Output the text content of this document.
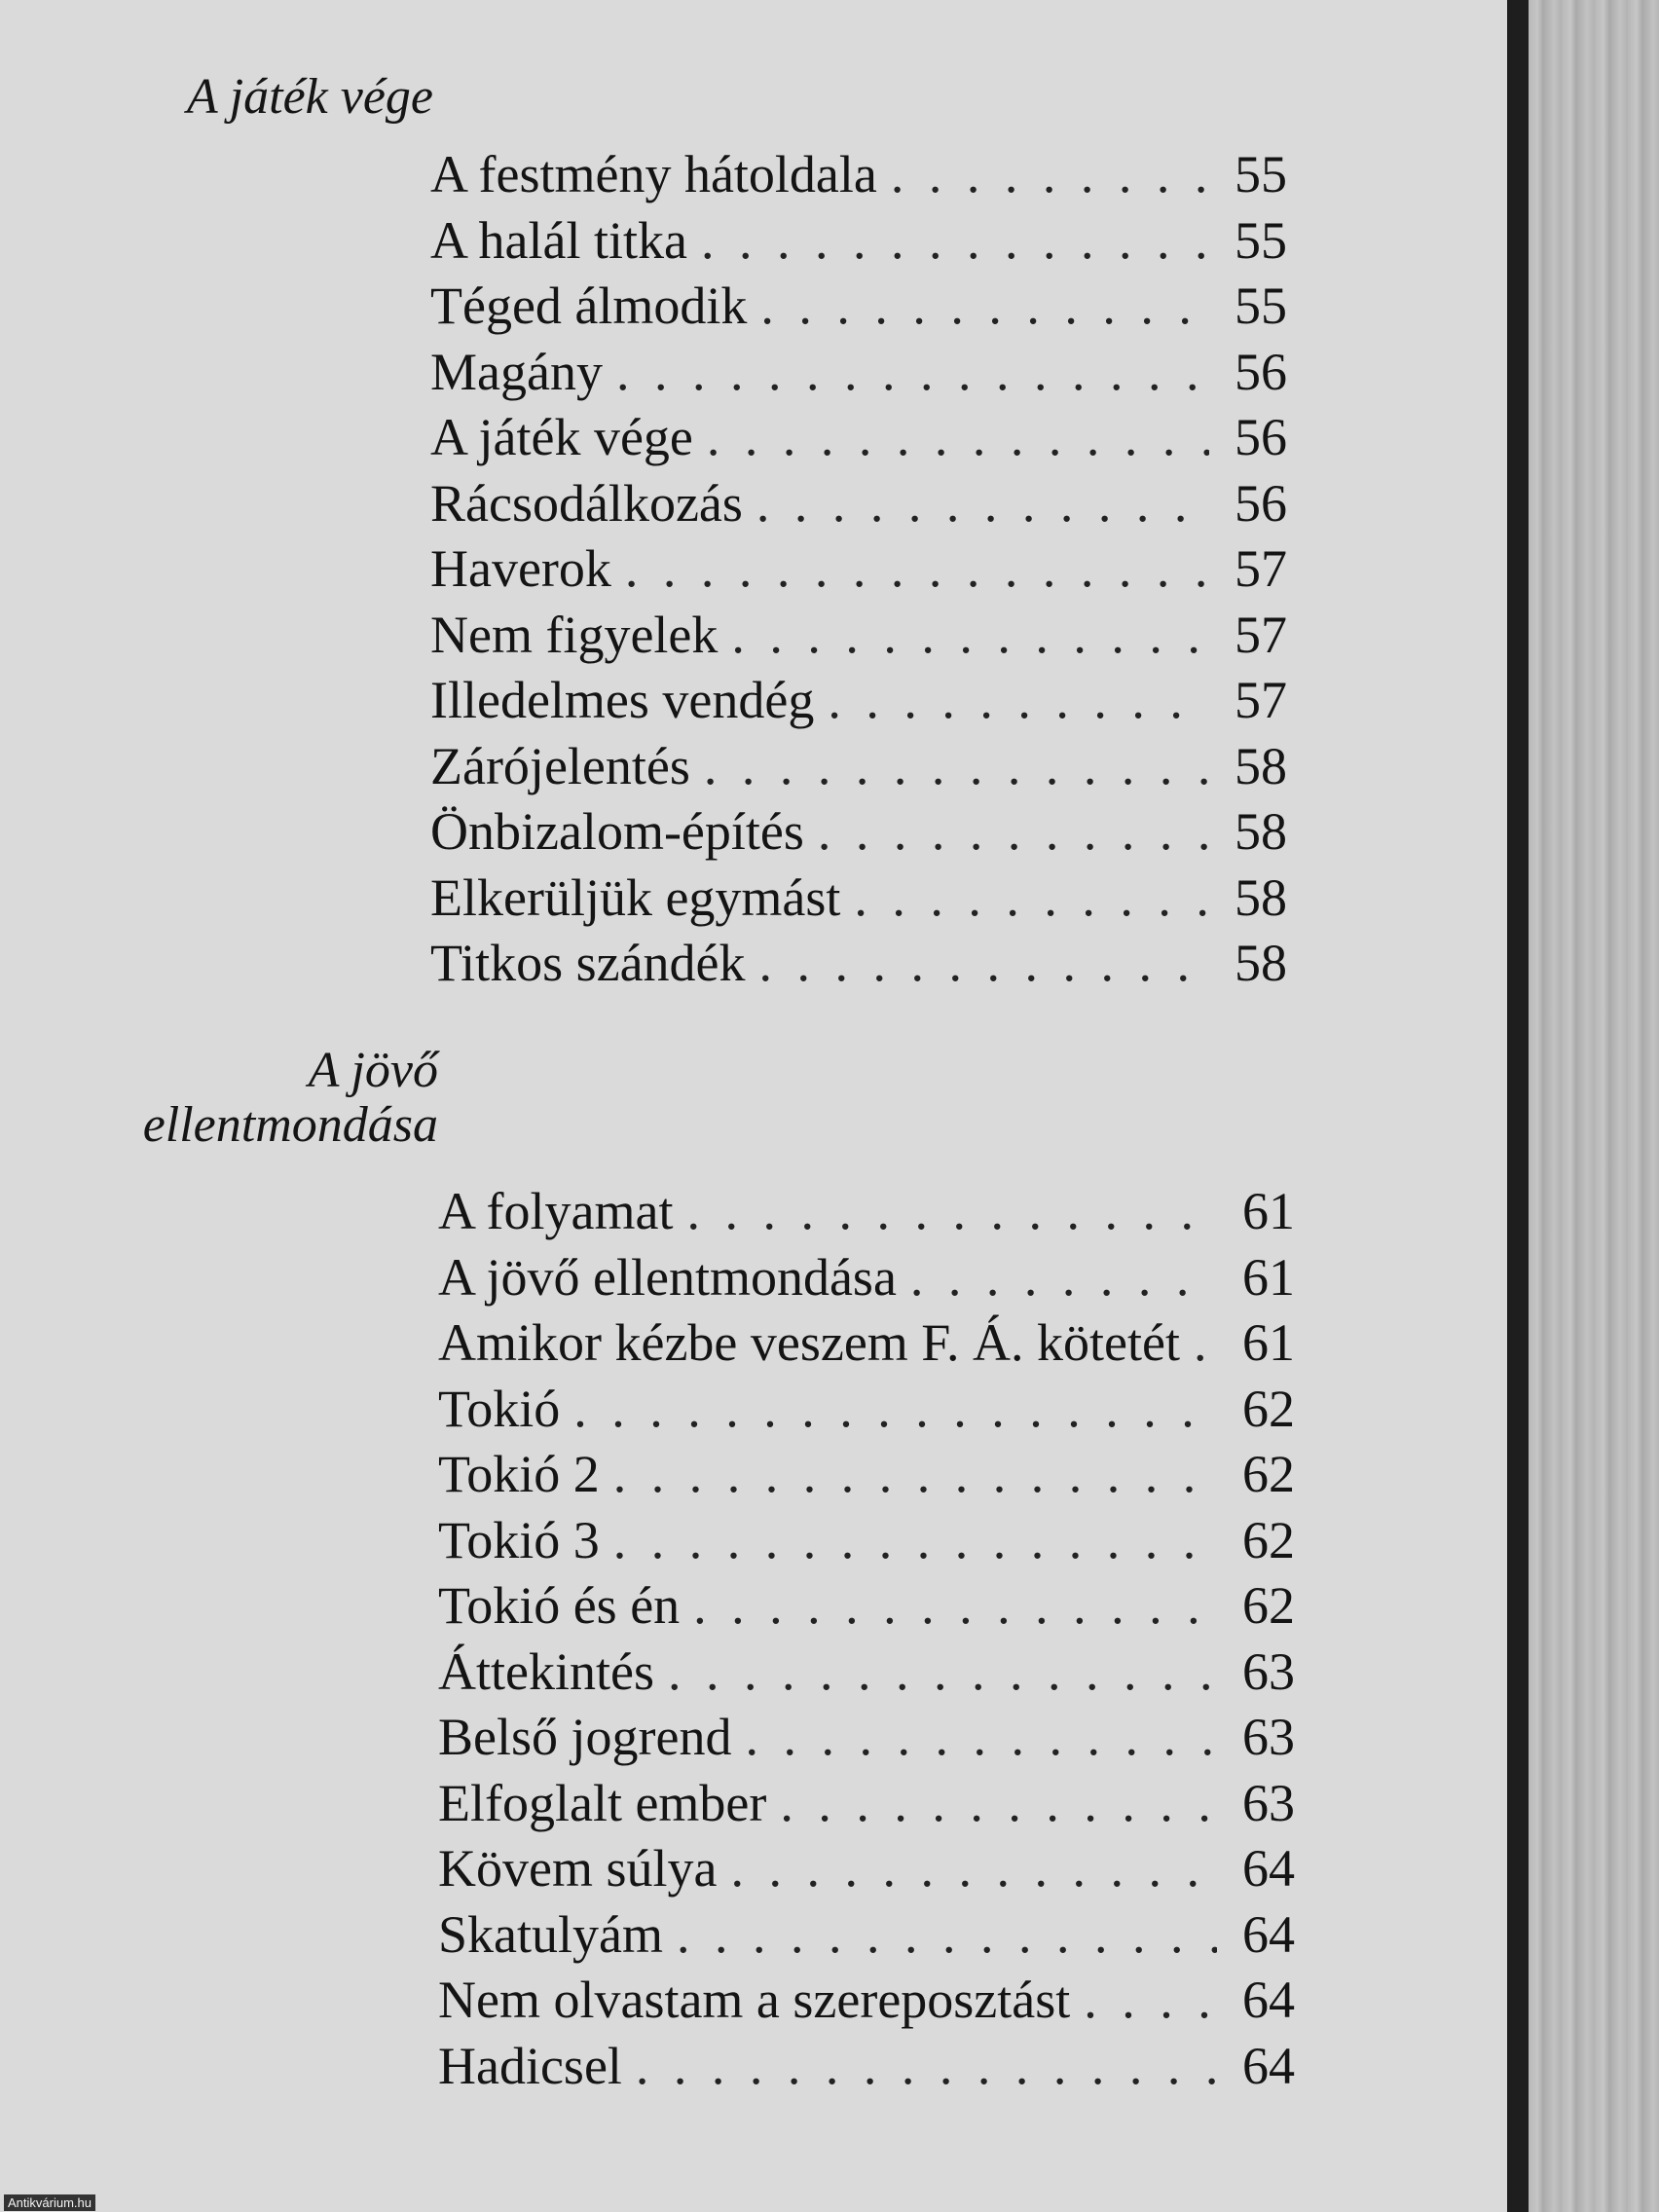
A játék vége
A festmény hátoldala . . .	55
A halál titka . . .	55
Téged álmodik . . .	55
Magány . . .	56
A játék vége . . .	56
Rácsodálkozás . . .	56
Haverok . . .	57
Nem figyelek . . .	57
Illedelmes vendég . . .	57
Zárójelentés . . .	58
Önbizalom-építés . . .	58
Elkerüljük egymást . . .	58
Titkos szándék . . .	58
A jövő
ellentmondása
A folyamat . . .	61
A jövő ellentmondása . . .	61
Amikor kézbe veszem F. Á. kötetét . . .	61
Tokió . . .	62
Tokió 2 . . .	62
Tokió 3 . . .	62
Tokió és én . . .	62
Áttekintés . . .	63
Belső jogrend . . .	63
Elfoglalt ember . . .	63
Kövem súlya . . .	64
Skatulyám . . .	64
Nem olvastam a szereposztást . . .	64
Hadicsel . . .	64
Antikvárium.hu
